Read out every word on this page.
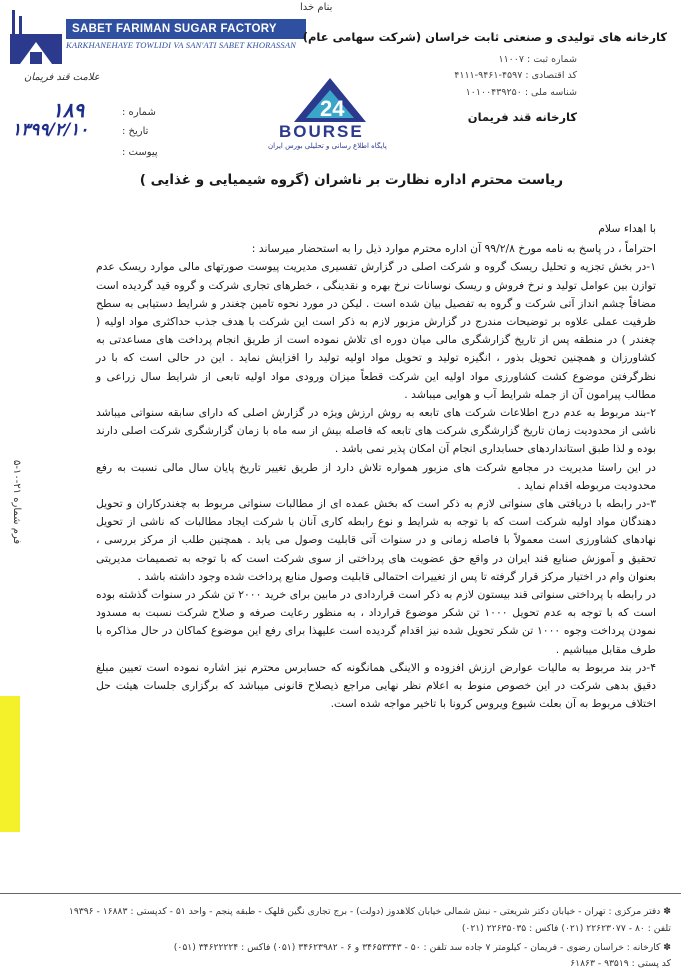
بنام خدا
SABET FARIMAN SUGAR FACTORY
KARKHANEHAYE TOWLIDI VA SAN'ATI SABET KHORASSAN
علامت قند فریمان
کارخانه های تولیدی و صنعتی ثابت خراسان (شرکت سهامی عام)
شماره ثبت : ۱۱۰۰۷
کد اقتصادی : ۴۵۹۷-۹۴۶۱-۴۱۱۱
شناسه ملی : ۱۰۱۰۰۴۳۹۲۵۰
کارخانه قند فریمان
شماره :
تاریخ :
پیوست :
۱۸۹
۱۳۹۹/۲/۱۰
24
BOURSE
پایگاه اطلاع رسانی و تحلیلی بورس ایران
ریاست محترم اداره نظارت بر ناشران (گروه شیمیایی و غذایی )

با اهداء سلام

احتراماً ، در پاسخ به نامه مورخ ۹۹/۲/۸ آن اداره محترم موارد ذیل را به استحضار میرساند :

۱-در بخش تجزیه و تحلیل ریسک گروه و شرکت اصلی در گزارش تفسیری مدیریت پیوست صورتهای مالی موارد ریسک عدم توازن بین عوامل تولید و نرخ فروش و ریسک نوسانات نرخ بهره و نقدینگی ، خطرهای تجاری شرکت و گروه قید گردیده است مضافاً چشم انداز آتی شرکت و گروه به تفصیل بیان شده است . لیکن در مورد نحوه تامین چغندر و شرایط دستیابی به سطح ظرفیت عملی علاوه بر توضیحات مندرج در گزارش مزبور لازم به ذکر است این شرکت با هدف جذب حداکثری مواد اولیه ( چغندر ) در منطقه پس از تاریخ گزارشگری مالی میان دوره ای تلاش نموده است از طریق انجام پرداخت های مساعدتی به کشاورزان و همچنین تحویل بذور ، انگیزه تولید و تحویل مواد اولیه تولید را افزایش نماید . این در حالی است که با در نظرگرفتن موضوع کشت کشاورزی مواد اولیه این شرکت قطعاً میزان ورودی مواد اولیه تابعی از شرایط سال زراعی و مطالب پیرامون آن از جمله شرایط آب و هوایی میباشد .

۲-بند مربوط به عدم درج اطلاعات شرکت های تابعه به روش ارزش ویژه در گزارش اصلی که دارای سابقه سنواتی میباشد ناشی از محدودیت زمان تاریخ گزارشگری شرکت های تابعه که فاصله بیش از سه ماه با زمان گزارشگری شرکت اصلی دارند بوده و لذا طبق استانداردهای حسابداری انجام آن امکان پذیر نمی باشد .

در این راستا مدیریت در مجامع شرکت های مزبور همواره تلاش دارد از طریق تغییر تاریخ پایان سال مالی نسبت به رفع محدودیت مربوطه اقدام نماید .

۳-در رابطه با دریافتی های سنواتی لازم به ذکر است که بخش عمده ای از مطالبات سنواتی مربوط به چغندرکاران و تحویل دهندگان مواد اولیه شرکت است که با توجه به شرایط و نوع رابطه کاری آنان با شرکت ایجاد مطالبات که ناشی از تحویل نهادهای کشاورزی است معمولاً با فاصله زمانی و در سنوات آتی قابلیت وصول می یابد . همچنین طلب از مرکز بررسی ، تحقیق و آموزش صنایع قند ایران در واقع حق عضویت های پرداختی از سوی شرکت است که با توجه به تصمیمات مدیریتی بعنوان وام در اختیار مرکز قرار گرفته تا پس از تغییرات احتمالی قابلیت وصول منابع پرداخت شده وجود داشته باشد .

در رابطه با پرداختی سنواتی قند بیستون لازم به ذکر است قراردادی در مابین برای خرید ۲۰۰۰ تن شکر در سنوات گذشته بوده است که با توجه به عدم تحویل ۱۰۰۰ تن شکر موضوع قرارداد ، به منظور رعایت صرفه و صلاح شرکت نسبت به مسدود نمودن پرداخت وجوه ۱۰۰۰ تن شکر تحویل شده نیز اقدام گردیده است علیهذا برای رفع این موضوع کماکان در حال مذاکره با طرف مقابل میباشیم .

۴-در بند مربوط به مالیات عوارض ارزش افزوده و الاینگی همانگونه که حسابرس محترم نیز اشاره نموده است تعیین مبلغ دقیق بدهی شرکت در این خصوص منوط به اعلام نظر نهایی مراجع ذیصلاح قانونی میباشد که برگزاری جلسات هیئت حل اختلاف مربوط به آن بعلت شیوع ویروس کرونا با تاخیر مواجه شده است.

فرم شماره ۲۱-۱۰-۵
✽ دفتر مرکزی : تهران - خیابان دکتر شریعتی - نبش شمالی خیابان کلاهدوز (دولت) - برج تجاری نگین قلهک - طبقه پنجم - واحد ۵۱ - کدپستی : ۱۶۸۸۳ - ۱۹۳۹۶
تلفن : ۸۰ - ۲۲۶۲۳۰۷۷ (۰۲۱) فاکس : ۲۲۶۳۵۰۳۵ (۰۲۱)
✽ کارخانه : خراسان رضوی - فریمان - کیلومتر ۷ جاده سد تلفن : ۵۰ - ۳۴۶۵۳۳۴۳ و ۶ - ۳۴۶۲۳۹۸۲ (۰۵۱) فاکس : ۳۴۶۲۲۲۲۴ (۰۵۱)
کد پستی : ۹۳۵۱۹ - ۶۱۸۶۳
